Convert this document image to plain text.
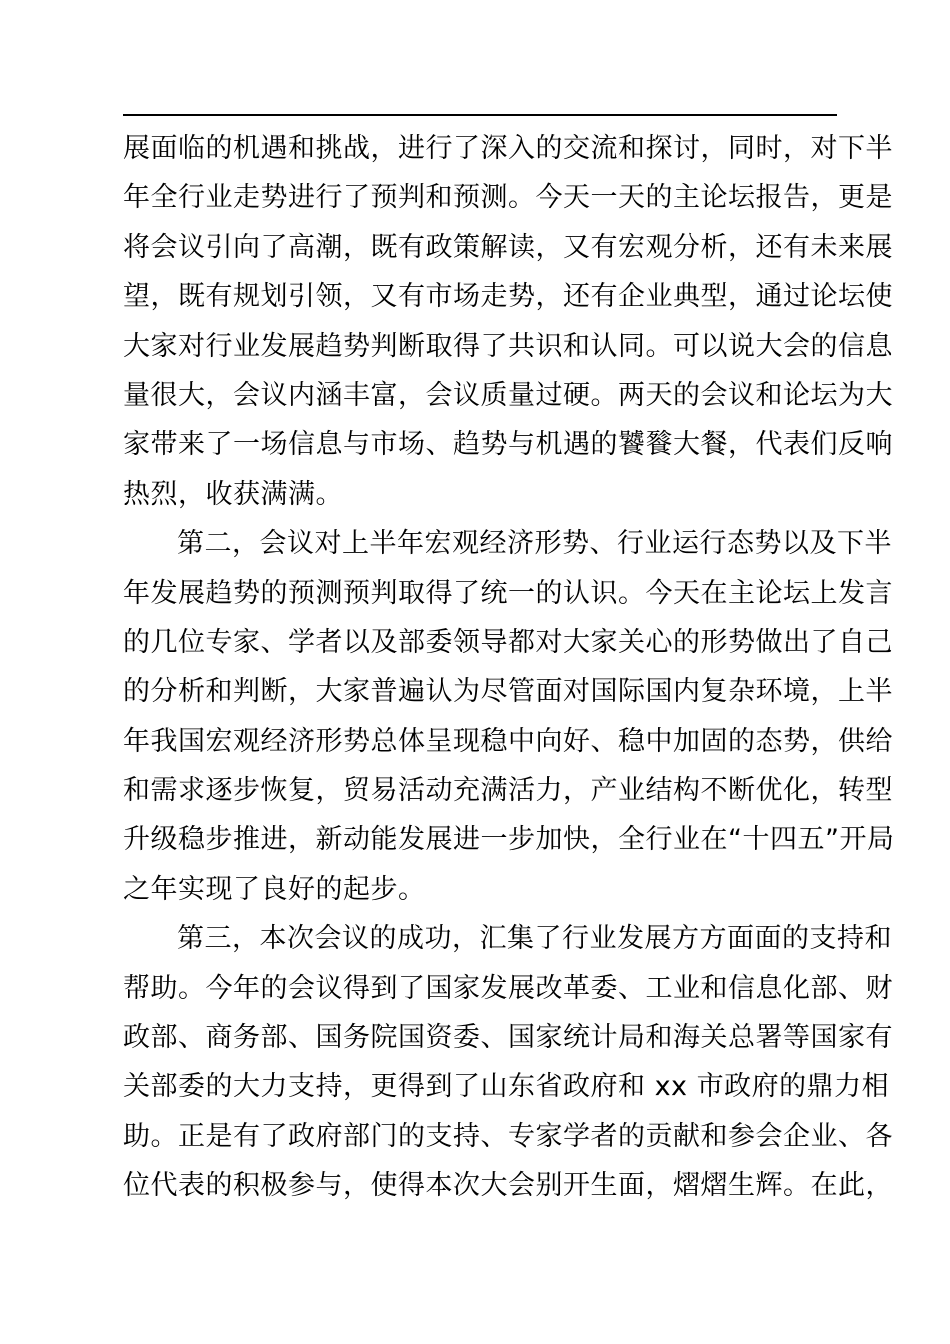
展面临的机遇和挑战，进行了深入的交流和探讨，同时，对下半
年全行业走势进行了预判和预测。今天一天的主论坛报告，更是
将会议引向了高潮，既有政策解读，又有宏观分析，还有未来展
望，既有规划引领，又有市场走势，还有企业典型，通过论坛使
大家对行业发展趋势判断取得了共识和认同。可以说大会的信息
量很大，会议内涵丰富，会议质量过硬。两天的会议和论坛为大
家带来了一场信息与市场、趋势与机遇的饕餮大餐，代表们反响
热烈，收获满满。
第二，会议对上半年宏观经济形势、行业运行态势以及下半
年发展趋势的预测预判取得了统一的认识。今天在主论坛上发言
的几位专家、学者以及部委领导都对大家关心的形势做出了自己
的分析和判断，大家普遍认为尽管面对国际国内复杂环境，上半
年我国宏观经济形势总体呈现稳中向好、稳中加固的态势，供给
和需求逐步恢复，贸易活动充满活力，产业结构不断优化，转型
升级稳步推进，新动能发展进一步加快，全行业在“十四五”开局
之年实现了良好的起步。
第三，本次会议的成功，汇集了行业发展方方面面的支持和
帮助。今年的会议得到了国家发展改革委、工业和信息化部、财
政部、商务部、国务院国资委、国家统计局和海关总署等国家有
关部委的大力支持，更得到了山东省政府和 xx 市政府的鼎力相
助。正是有了政府部门的支持、专家学者的贡献和参会企业、各
位代表的积极参与，使得本次大会别开生面，熠熠生辉。在此，
